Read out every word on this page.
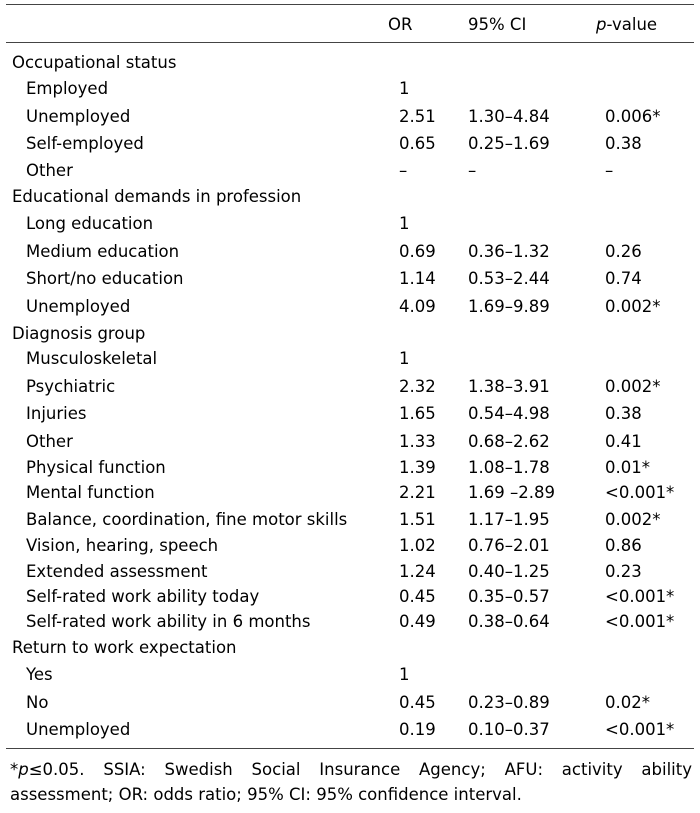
OR	95% CI	p-value
Occupational status
Employed	1
Unemployed	2.51 1.30–4.84	0.006*
Self-employed	0.65 0.25–1.69	0.38
Other	–	–	–
Educational demands in profession
Long education	1
Medium education	0.69 0.36–1.32	0.26
Short/no education	1.14 0.53–2.44	0.74
Unemployed	4.09 1.69–9.89	0.002*
Diagnosis group
Musculoskeletal	1
Psychiatric	2.32 1.38–3.91	0.002*
Injuries	1.65 0.54–4.98	0.38
Other	1.33 0.68–2.62	0.41
Physical function	1.39 1.08–1.78	0.01*
Mental function	2.21 1.69 –2.89	<0.001*
Balance, coordination, fine motor skills	1.51 1.17–1.95	0.002*
Vision, hearing, speech	1.02 0.76–2.01	0.86
Extended assessment	1.24 0.40–1.25	0.23
Self-rated work ability today	0.45 0.35–0.57	<0.001*
Self-rated work ability in 6 months	0.49 0.38–0.64	<0.001*
Return to work expectation
Yes	1
No	0.45 0.23–0.89	0.02*
Unemployed	0.19 0.10–0.37	<0.001*
*p≤0.05. SSIA: Swedish Social Insurance Agency; AFU: activity ability assessment; OR: odds ratio; 95% CI: 95% confidence interval.
